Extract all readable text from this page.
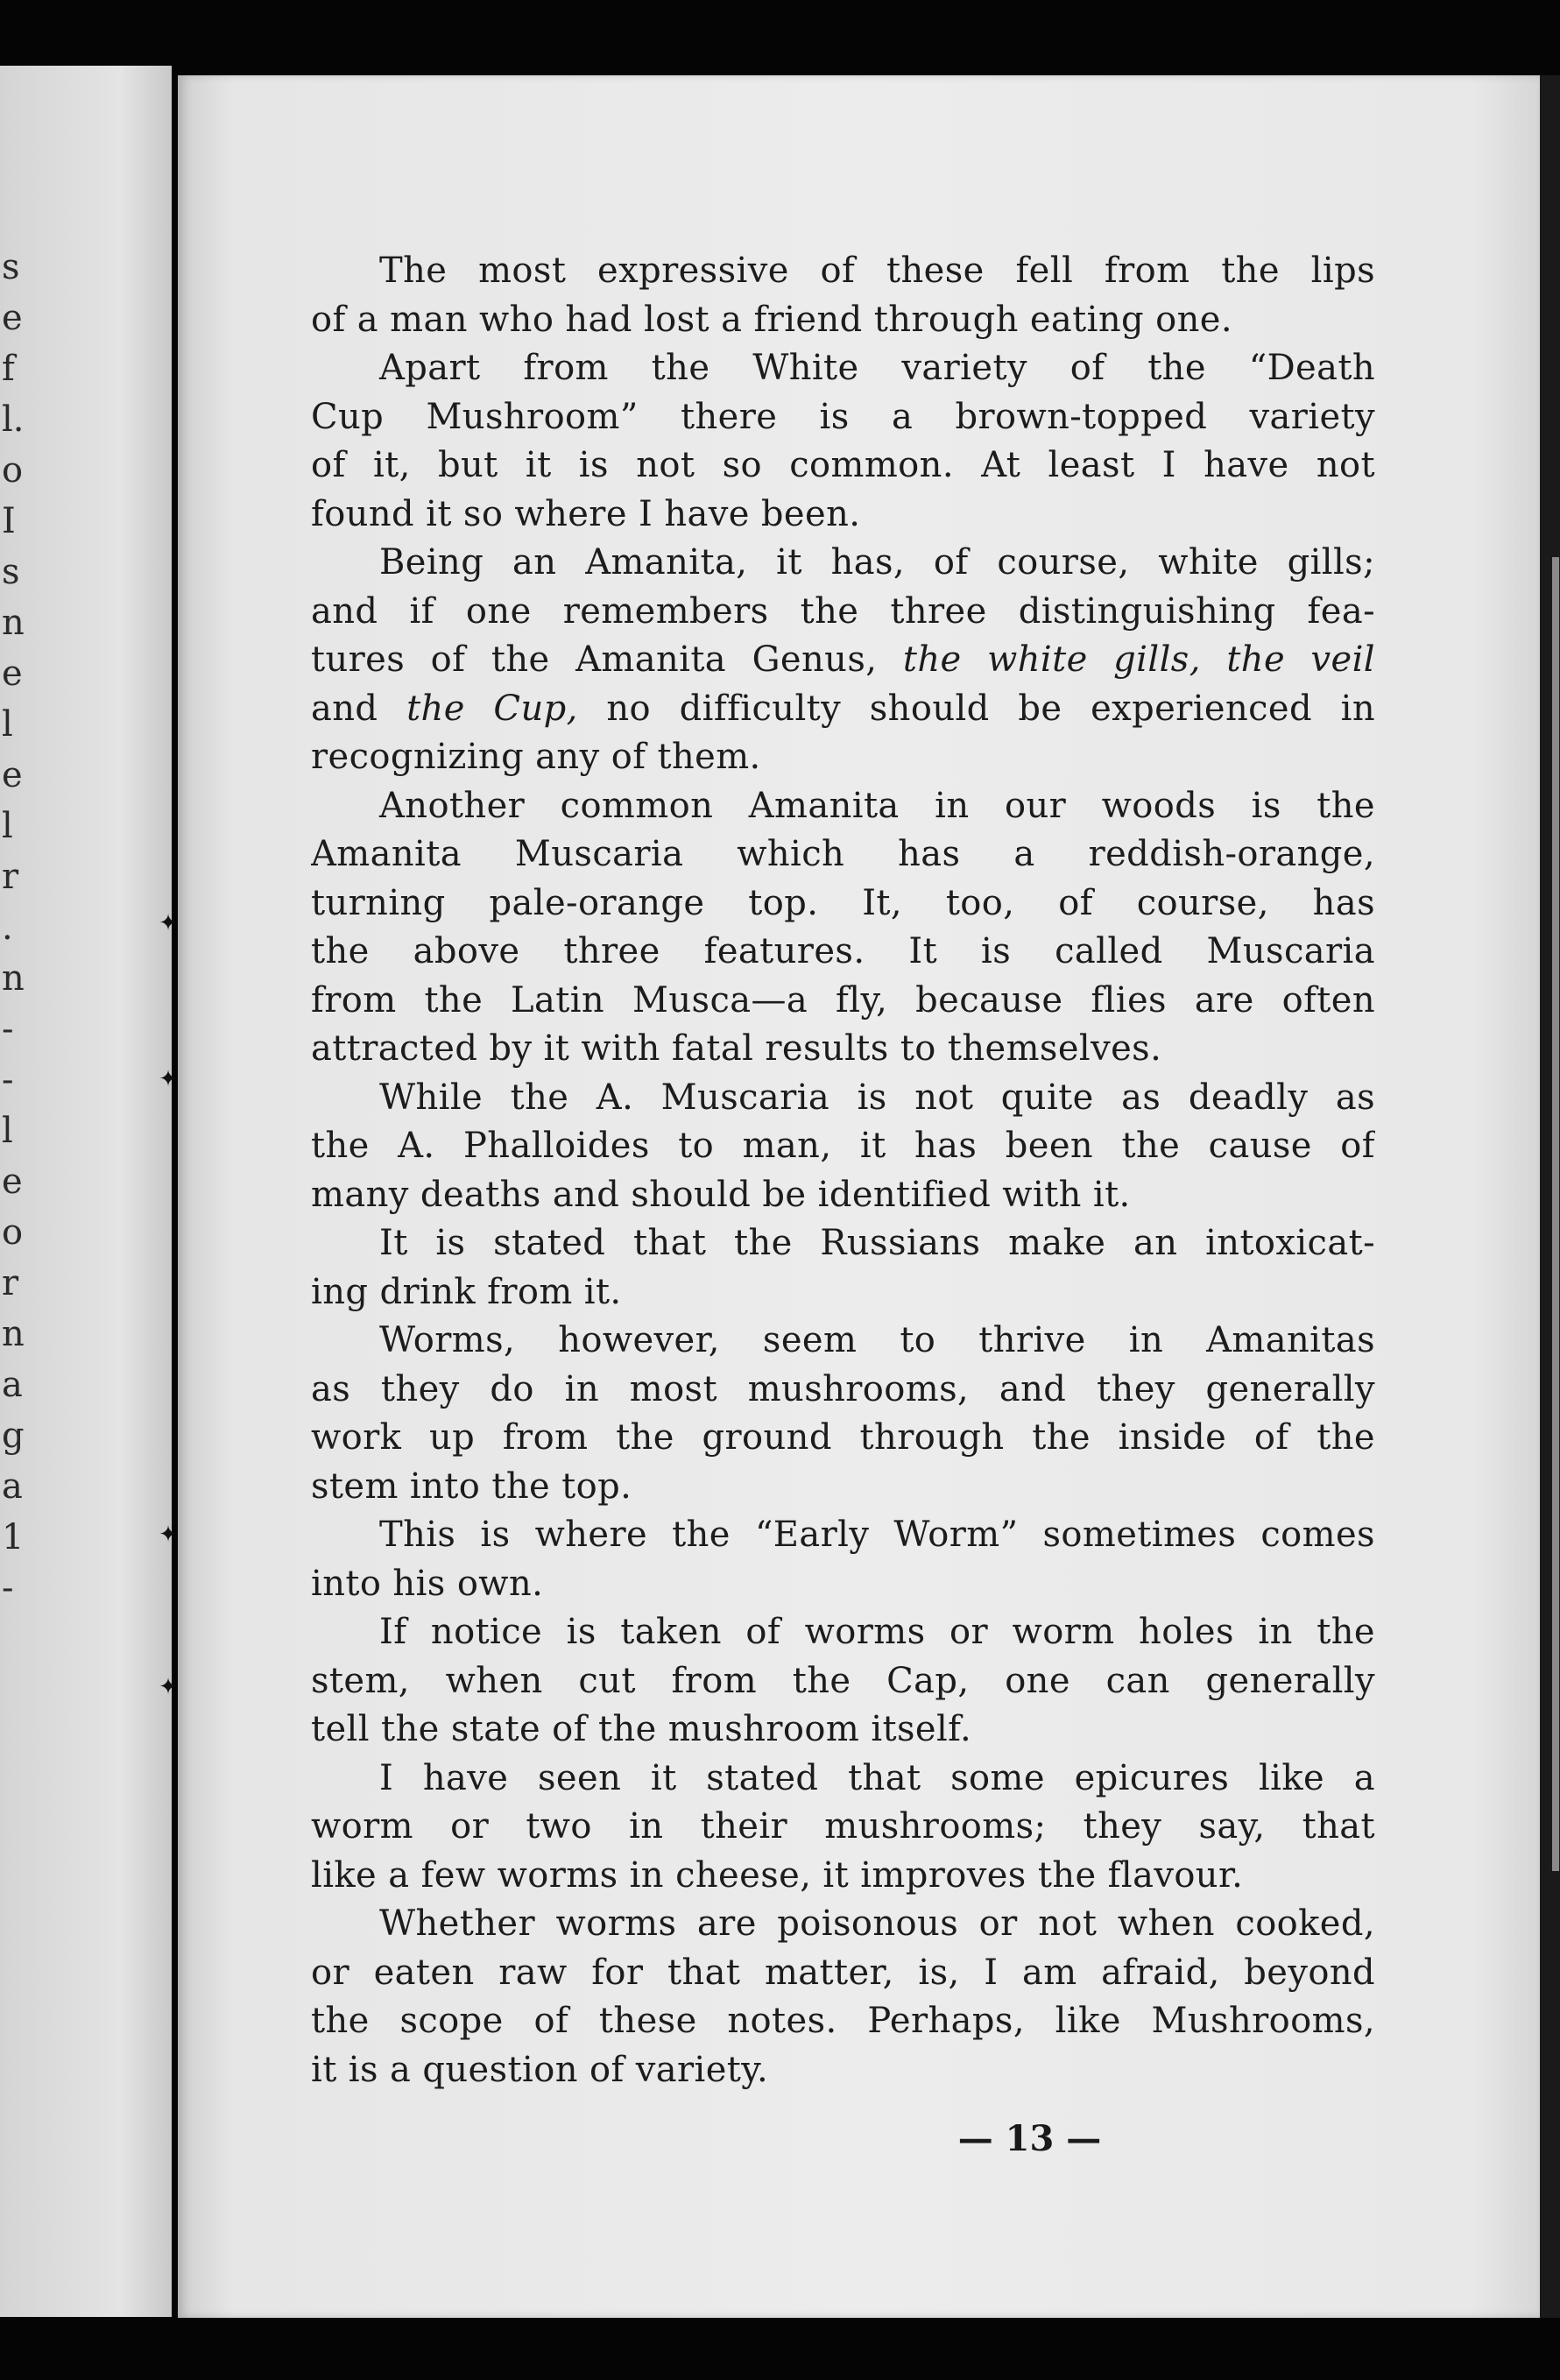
s
e
f
l.
o
I
s
n
e
l
e
l
r
.
n
-
-
l
e
o
r
n
a
g
a
1
-
✦
✦
✦
✦
The most expressive of these fell from the lips
of a man who had lost a friend through eating one.
Apart from the White variety of the “Death
Cup Mushroom” there is a brown-topped variety
of it, but it is not so common. At least I have not
found it so where I have been.
Being an Amanita, it has, of course, white gills;
and if one remembers the three distinguishing fea-
tures of the Amanita Genus, the white gills, the veil
and the Cup, no difficulty should be experienced in
recognizing any of them.
Another common Amanita in our woods is the
Amanita Muscaria which has a reddish-orange,
turning pale-orange top. It, too, of course, has
the above three features. It is called Muscaria
from the Latin Musca—a fly, because flies are often
attracted by it with fatal results to themselves.
While the A. Muscaria is not quite as deadly as
the A. Phalloides to man, it has been the cause of
many deaths and should be identified with it.
It is stated that the Russians make an intoxicat-
ing drink from it.
Worms, however, seem to thrive in Amanitas
as they do in most mushrooms, and they generally
work up from the ground through the inside of the
stem into the top.
This is where the “Early Worm” sometimes comes
into his own.
If notice is taken of worms or worm holes in the
stem, when cut from the Cap, one can generally
tell the state of the mushroom itself.
I have seen it stated that some epicures like a
worm or two in their mushrooms; they say, that
like a few worms in cheese, it improves the flavour.
Whether worms are poisonous or not when cooked,
or eaten raw for that matter, is, I am afraid, beyond
the scope of these notes. Perhaps, like Mushrooms,
it is a question of variety.
— 13 —
